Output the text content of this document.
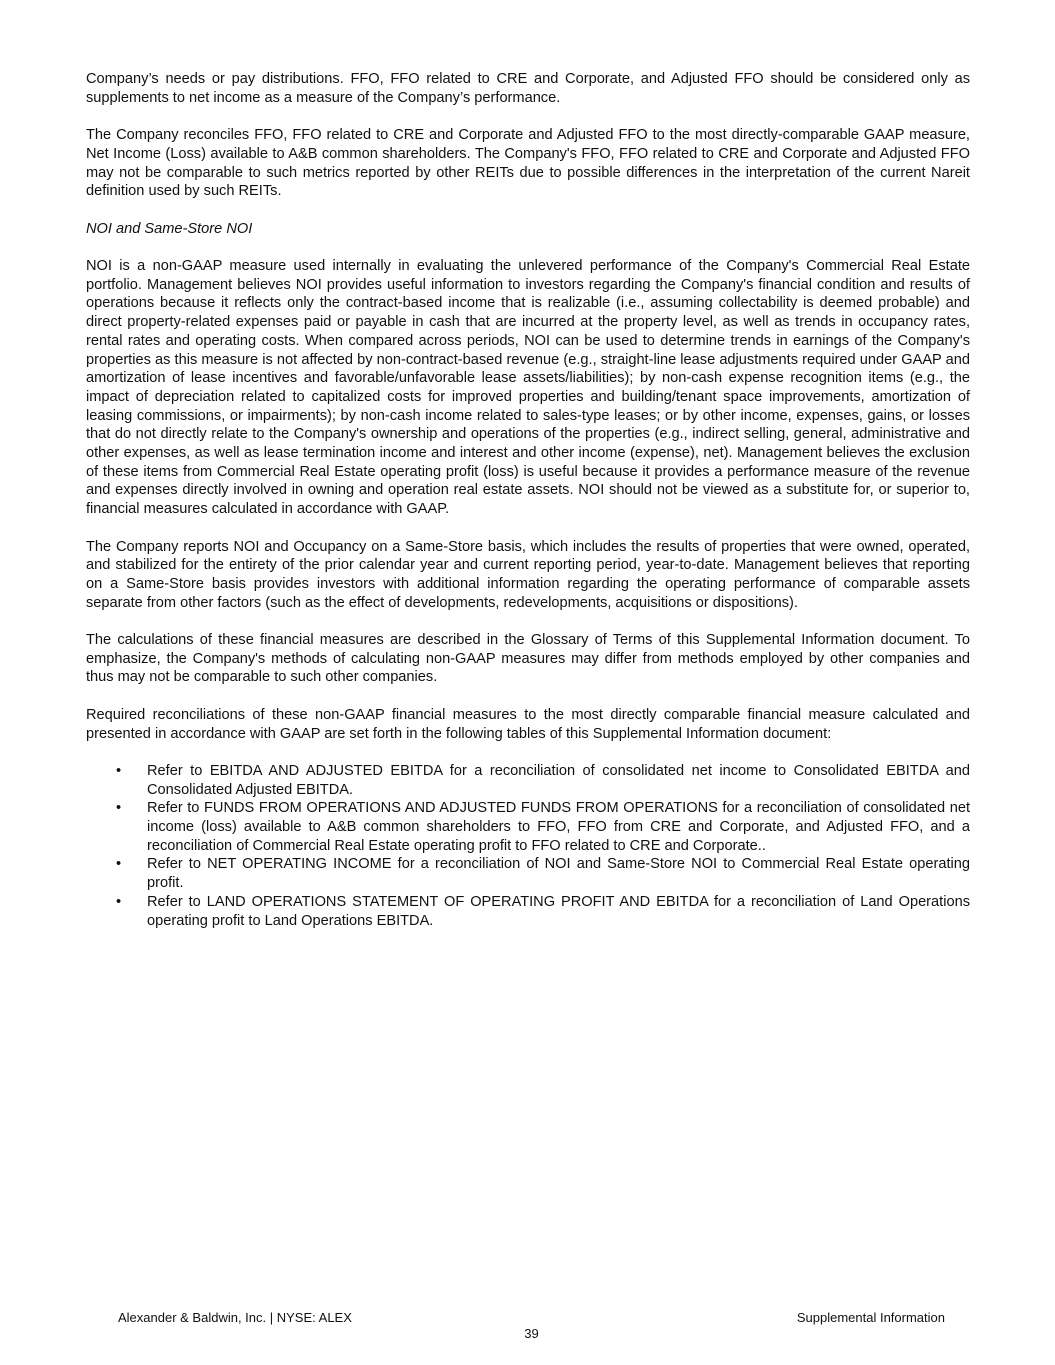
Company’s needs or pay distributions. FFO, FFO related to CRE and Corporate, and Adjusted FFO should be considered only as supplements to net income as a measure of the Company’s performance.

The Company reconciles FFO, FFO related to CRE and Corporate and Adjusted FFO to the most directly-comparable GAAP measure, Net Income (Loss) available to A&B common shareholders. The Company's FFO, FFO related to CRE and Corporate and Adjusted FFO may not be comparable to such metrics reported by other REITs due to possible differences in the interpretation of the current Nareit definition used by such REITs.

NOI and Same-Store NOI

NOI is a non-GAAP measure used internally in evaluating the unlevered performance of the Company's Commercial Real Estate portfolio. Management believes NOI provides useful information to investors regarding the Company's financial condition and results of operations because it reflects only the contract-based income that is realizable (i.e., assuming collectability is deemed probable) and direct property-related expenses paid or payable in cash that are incurred at the property level, as well as trends in occupancy rates, rental rates and operating costs. When compared across periods, NOI can be used to determine trends in earnings of the Company's properties as this measure is not affected by non-contract-based revenue (e.g., straight-line lease adjustments required under GAAP and amortization of lease incentives and favorable/unfavorable lease assets/liabilities); by non-cash expense recognition items (e.g., the impact of depreciation related to capitalized costs for improved properties and building/tenant space improvements, amortization of leasing commissions, or impairments); by non-cash income related to sales-type leases; or by other income, expenses, gains, or losses that do not directly relate to the Company's ownership and operations of the properties (e.g., indirect selling, general, administrative and other expenses, as well as lease termination income and interest and other income (expense), net). Management believes the exclusion of these items from Commercial Real Estate operating profit (loss) is useful because it provides a performance measure of the revenue and expenses directly involved in owning and operation real estate assets. NOI should not be viewed as a substitute for, or superior to, financial measures calculated in accordance with GAAP.

The Company reports NOI and Occupancy on a Same-Store basis, which includes the results of properties that were owned, operated, and stabilized for the entirety of the prior calendar year and current reporting period, year-to-date. Management believes that reporting on a Same-Store basis provides investors with additional information regarding the operating performance of comparable assets separate from other factors (such as the effect of developments, redevelopments, acquisitions or dispositions).

The calculations of these financial measures are described in the Glossary of Terms of this Supplemental Information document. To emphasize, the Company's methods of calculating non-GAAP measures may differ from methods employed by other companies and thus may not be comparable to such other companies.

Required reconciliations of these non-GAAP financial measures to the most directly comparable financial measure calculated and presented in accordance with GAAP are set forth in the following tables of this Supplemental Information document:

• Refer to EBITDA AND ADJUSTED EBITDA for a reconciliation of consolidated net income to Consolidated EBITDA and Consolidated Adjusted EBITDA.
• Refer to FUNDS FROM OPERATIONS AND ADJUSTED FUNDS FROM OPERATIONS for a reconciliation of consolidated net income (loss) available to A&B common shareholders to FFO, FFO from CRE and Corporate, and Adjusted FFO, and a reconciliation of Commercial Real Estate operating profit to FFO related to CRE and Corporate..
• Refer to NET OPERATING INCOME for a reconciliation of NOI and Same-Store NOI to Commercial Real Estate operating profit.
• Refer to LAND OPERATIONS STATEMENT OF OPERATING PROFIT AND EBITDA for a reconciliation of Land Operations operating profit to Land Operations EBITDA.
Alexander & Baldwin, Inc. | NYSE: ALEX	Supplemental Information
39
